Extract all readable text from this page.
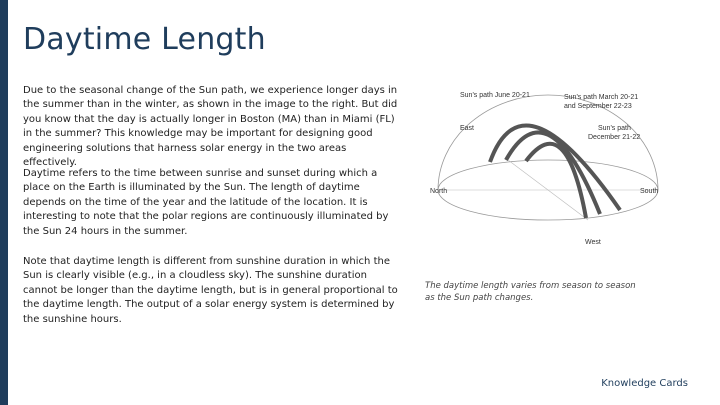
Daytime Length

Due to the seasonal change of the Sun path, we experience longer days in the summer than in the winter, as shown in the image to the right. But did you know that the day is actually longer in Boston (MA) than in Miami (FL) in the summer? This knowledge may be important for designing good engineering solutions that harness solar energy in the two areas effectively.

Daytime refers to the time between sunrise and sunset during which a place on the Earth is illuminated by the Sun. The length of daytime depends on the time of the year and the latitude of the location. It is interesting to note that the polar regions are continuously illuminated by the Sun 24 hours in the summer.

Note that daytime length is different from sunshine duration in which the Sun is clearly visible (e.g., in a cloudless sky). The sunshine duration cannot be longer than the daytime length, but is in general proportional to the daytime length. The output of a solar energy system is determined by the sunshine hours.

Sun's path June 20-21	Sun's path March 20-21
and September 22-23
Sun's path
December 21-22
East
North	South
West

The daytime length varies from season to season as the Sun path changes.

Knowledge Cards
